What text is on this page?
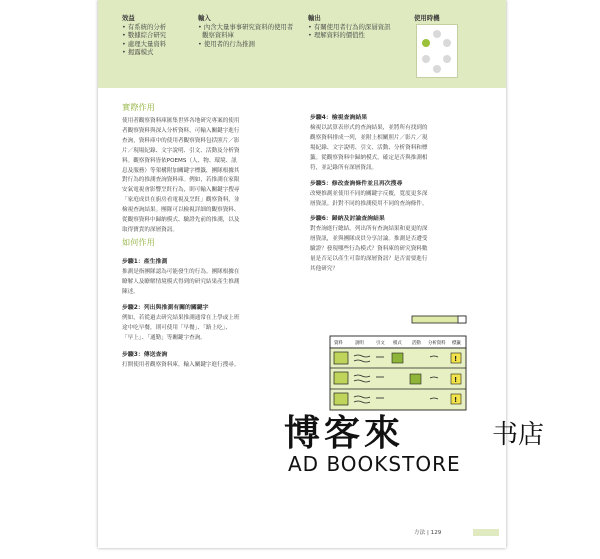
效益
• 有系統的分析
• 數據綜合研究
• 處理大量資料
• 揭露模式
輸入
• 內含大量事事研究資料的使用者
觀察資料庫
• 使用者的行為推測
輸出
• 有關使用者行為的深層資訊
• 理解資料的價值性
使用時機
實際作用
使用者觀察資料庫匯集世界各地研究專案的使用
者觀察資料與深入分析資料，可輸入關鍵字進行
查詢，資料庫中的使用者觀察資料包括照片／影
片／現場紀錄、文字說明、引文、活動及分析資
料。觀察資料皆依POEMS（人、物、環境、訊
息及服務）等架構附加關鍵字標籤，團隊根據其
對行為的推測查詢資料庫。例如，若推測在家限
安氣電視會影響烹飪行為，則可輸入關鍵字搜尋
「家庭成員在廚房看電視及烹飪」觀察資料，並
檢視查詢結果。團隊可以檢視詳細的觀察資料、
從觀察資料中歸納模式、驗證先前的推測，以及
取得寶貴的深層資訊。
如何作用
步驟1：產生推測
推測是指團隊認為可能發生的行為。團隊根據在
瞭解人及瞭解情境模式得到的研究結果產生推測
陳述。
步驟2：列出與推測有關的關鍵字
例如，若從過去研究結果推測通常在上學或上班
途中吃早餐，則可使用「早餐」、「路上吃」、
「早上」、「通勤」等關鍵字查詢。
步驟3：傳送查詢
打開使用者觀察資料庫，輸入關鍵字進行搜尋。
步驟4：檢視查詢結果
檢視以試算表形式的查詢結果，並將所有找到的
觀察資料排成一列，並附上相關照片／影片／現
場紀錄、文字說明、引文、活動、分析資料和標
籤。從觀察資料中歸納模式，確定是否與推測相
符，並記錄所有深層資訊。
步驟5：修改查詢條件並且再次搜尋
改變推測並使用不同的關鍵字反覆，寬度更多深
層資訊。針對不同的推測使用不同的查詢條件。
步驟6：歸納及討論查詢結果
對查詢進行總結，列出所有查詢結果和更更的深
層資訊，並與團隊成員分享討論。推測是否遭受
驗證？發現哪些行為模式？資料庫的研究資料數
量是否足以產生可靠的深層資訊？是否需要進行
其他研究？
資料	說明	引文 模式 活動 分析資料 標籤
!
!
!
方法 | 129
博客來	书店
AD BOOKSTORE
